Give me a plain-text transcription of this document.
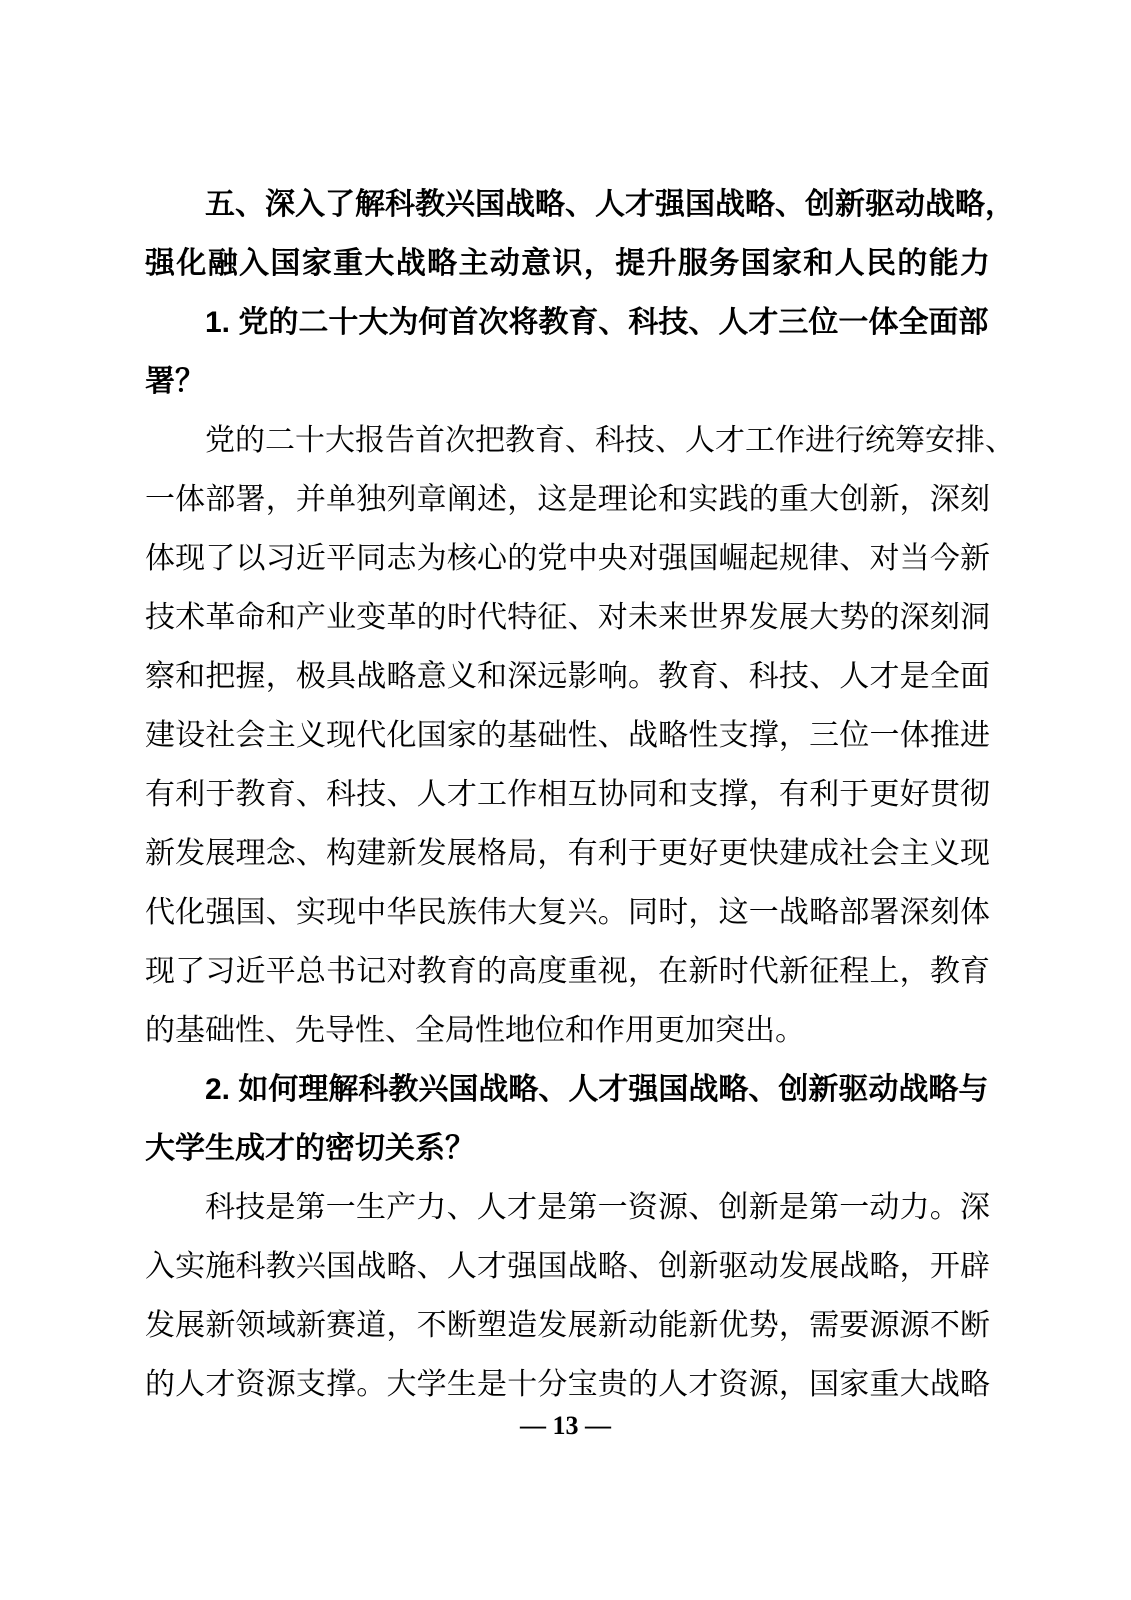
五、深入了解科教兴国战略、人才强国战略、创新驱动战略，
强化融入国家重大战略主动意识，提升服务国家和人民的能力
1. 党的二十大为何首次将教育、科技、人才三位一体全面部
署？
党的二十大报告首次把教育、科技、人才工作进行统筹安排、
一体部署，并单独列章阐述，这是理论和实践的重大创新，深刻
体现了以习近平同志为核心的党中央对强国崛起规律、对当今新
技术革命和产业变革的时代特征、对未来世界发展大势的深刻洞
察和把握，极具战略意义和深远影响。教育、科技、人才是全面
建设社会主义现代化国家的基础性、战略性支撑，三位一体推进
有利于教育、科技、人才工作相互协同和支撑，有利于更好贯彻
新发展理念、构建新发展格局，有利于更好更快建成社会主义现
代化强国、实现中华民族伟大复兴。同时，这一战略部署深刻体
现了习近平总书记对教育的高度重视，在新时代新征程上，教育
的基础性、先导性、全局性地位和作用更加突出。
2. 如何理解科教兴国战略、人才强国战略、创新驱动战略与
大学生成才的密切关系？
科技是第一生产力、人才是第一资源、创新是第一动力。深
入实施科教兴国战略、人才强国战略、创新驱动发展战略，开辟
发展新领域新赛道，不断塑造发展新动能新优势，需要源源不断
的人才资源支撑。大学生是十分宝贵的人才资源，国家重大战略
— 13 —
